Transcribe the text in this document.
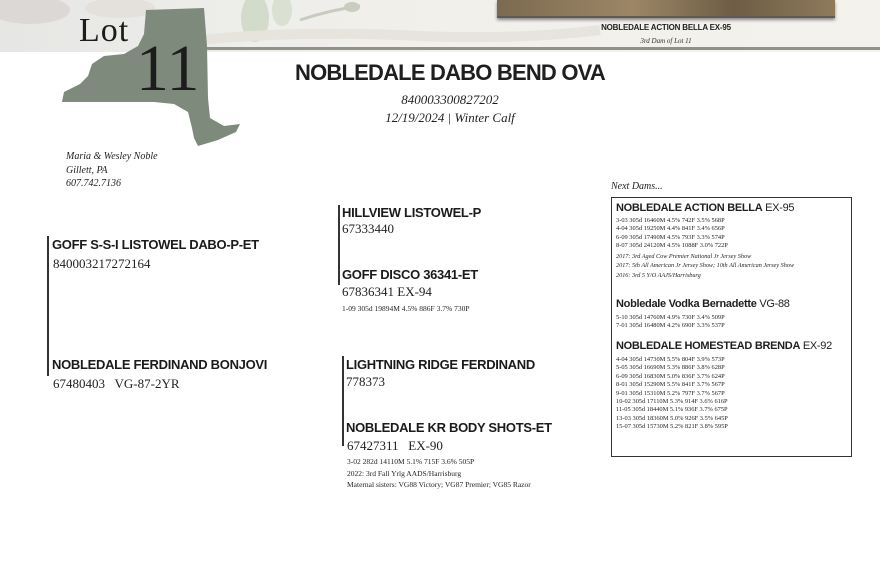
NOBLEDALE ACTION BELLA EX-95
3rd Dam of Lot 11
Lot
11	NOBLEDALE DABO BEND OVA
840003300827202
12/19/2024 | Winter Calf
Maria & Wesley Noble
Gillett, PA
607.742.7136
GOFF S-S-I LISTOWEL DABO-P-ET
840003217272164
HILLVIEW LISTOWEL-P
67333440
GOFF DISCO 36341-ET
67836341 EX-94
1-09 305d 19894M 4.5% 886F 3.7% 730P
NOBLEDALE FERDINAND BONJOVI
67480403   VG-87-2YR
LIGHTNING RIDGE FERDINAND
778373
NOBLEDALE KR BODY SHOTS-ET
67427311   EX-90
3-02 282d 14110M 5.1% 715F 3.6% 505P
2022: 3rd Fall Yrlg AADS/Harrisburg
Maternal sisters: VG88 Victory; VG87 Premier; VG85 Razor
Next Dams...
NOBLEDALE ACTION BELLA EX-95
3-03 305d 16460M 4.5% 742F 3.5% 568P
4-04 305d 19250M 4.4% 841F 3.4% 656P
6-09 305d 17490M 4.5% 793F 3.3% 574P
8-07 305d 24120M 4.5% 1088F 3.0% 722P
2017: 3rd Aged Cow Premier National Jr Jersey Show
2017: 5th All American Jr Jersey Show; 10th All American Jersey Show
2016: 3rd 5 Y/O AAJS/Harrisburg
Nobledale Vodka Bernadette VG-88
5-10 305d 14760M 4.9% 730F 3.4% 509P
7-01 305d 16480M 4.2% 690F 3.3% 537P
NOBLEDALE HOMESTEAD BRENDA EX-92
4-04 305d 14730M 5.5% 804F 3.9% 573P
5-05 305d 16690M 5.3% 886F 3.8% 628P
6-09 305d 16830M 5.0% 836F 3.7% 624P
8-01 305d 15290M 5.5% 841F 3.7% 567P
9-01 305d 15310M 5.2% 797F 3.7% 567P
10-02 305d 17110M 5.3% 914F 3.6% 616P
11-05 305d 18440M 5.1% 936F 3.7% 675P
13-03 305d 18360M 5.0% 926F 3.5% 645P
15-07 305d 15730M 5.2% 821F 3.8% 595P
